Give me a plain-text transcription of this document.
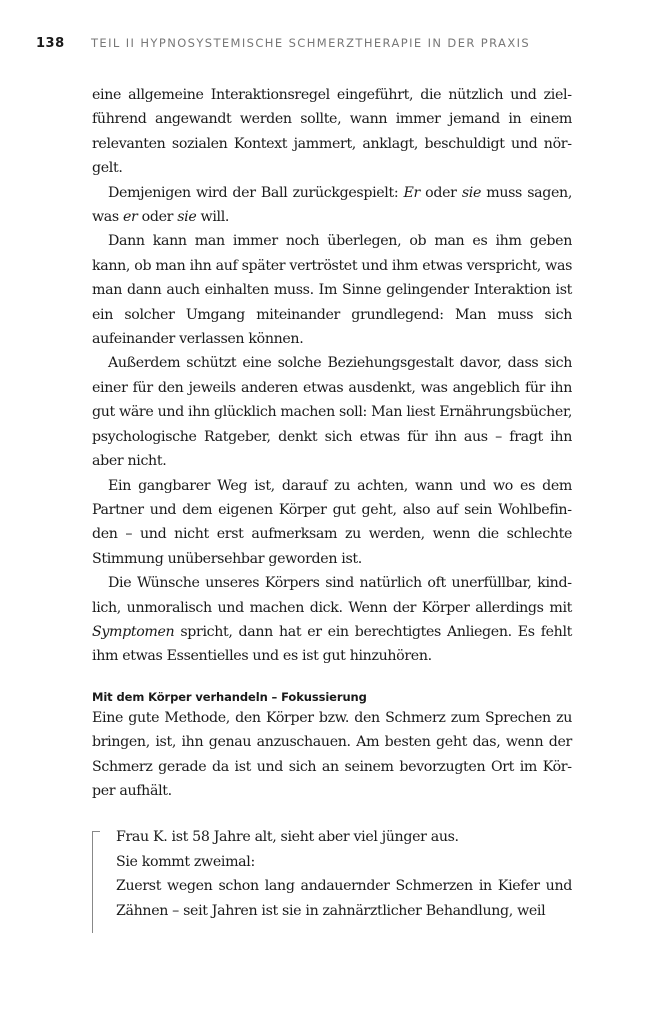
138	TEIL II HYPNOSYSTEMISCHE SCHMERZTHERAPIE IN DER PRAXIS

eine allgemeine Interaktionsregel eingeführt, die nützlich und zielführend angewandt werden sollte, wann immer jemand in einem relevanten sozialen Kontext jammert, anklagt, beschuldigt und nörgelt.

Demjenigen wird der Ball zurückgespielt: Er oder sie muss sagen, was er oder sie will.

Dann kann man immer noch überlegen, ob man es ihm geben kann, ob man ihn auf später vertröstet und ihm etwas verspricht, was man dann auch einhalten muss. Im Sinne gelingender Interaktion ist ein solcher Umgang miteinander grundlegend: Man muss sich aufeinander verlassen können.

Außerdem schützt eine solche Beziehungsgestalt davor, dass sich einer für den jeweils anderen etwas ausdenkt, was angeblich für ihn gut wäre und ihn glücklich machen soll: Man liest Ernährungsbücher, psychologische Ratgeber, denkt sich etwas für ihn aus – fragt ihn aber nicht.

Ein gangbarer Weg ist, darauf zu achten, wann und wo es dem Partner und dem eigenen Körper gut geht, also auf sein Wohlbefinden – und nicht erst aufmerksam zu werden, wenn die schlechte Stimmung unübersehbar geworden ist.

Die Wünsche unseres Körpers sind natürlich oft unerfüllbar, kindlich, unmoralisch und machen dick. Wenn der Körper allerdings mit Symptomen spricht, dann hat er ein berechtigtes Anliegen. Es fehlt ihm etwas Essentielles und es ist gut hinzuhören.

Mit dem Körper verhandeln – Fokussierung

Eine gute Methode, den Körper bzw. den Schmerz zum Sprechen zu bringen, ist, ihn genau anzuschauen. Am besten geht das, wenn der Schmerz gerade da ist und sich an seinem bevorzugten Ort im Körper aufhält.

Frau K. ist 58 Jahre alt, sieht aber viel jünger aus.

Sie kommt zweimal:

Zuerst wegen schon lang andauernder Schmerzen in Kiefer und Zähnen – seit Jahren ist sie in zahnärztlicher Behandlung, weil
